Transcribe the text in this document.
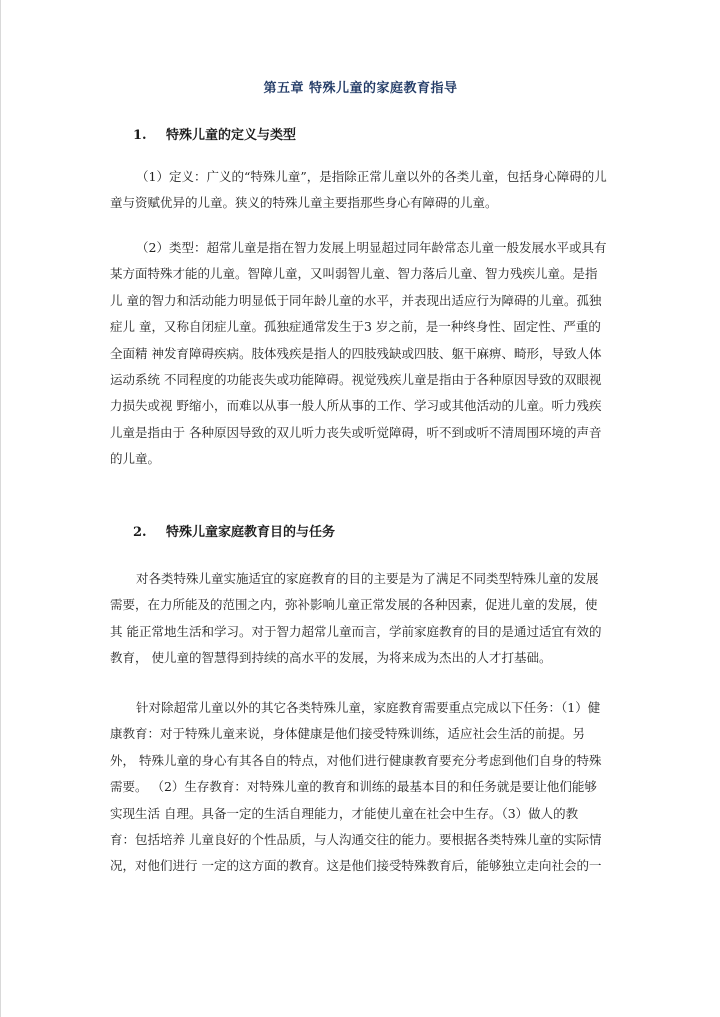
第五章 特殊儿童的家庭教育指导
1. 特殊儿童的定义与类型
（1）定义：广义的“特殊儿童”，是指除正常儿童以外的各类儿童，包括身心障碍的儿
童与资赋优异的儿童。狭义的特殊儿童主要指那些身心有障碍的儿童。
（2）类型：超常儿童是指在智力发展上明显超过同年龄常态儿童一般发展水平或具有
某方面特殊才能的儿童。智障儿童，又叫弱智儿童、智力落后儿童、智力残疾儿童。是指
儿 童的智力和活动能力明显低于同年龄儿童的水平，并表现出适应行为障碍的儿童。孤独
症儿 童，又称自闭症儿童。孤独症通常发生于3 岁之前，是一种终身性、固定性、严重的
全面精 神发育障碍疾病。肢体残疾是指人的四肢残缺或四肢、躯干麻痹、畸形，导致人体
运动系统 不同程度的功能丧失或功能障碍。视觉残疾儿童是指由于各种原因导致的双眼视
力损失或视 野缩小，而难以从事一般人所从事的工作、学习或其他活动的儿童。听力残疾
儿童是指由于 各种原因导致的双儿听力丧失或听觉障碍，听不到或听不清周围环境的声音
的儿童。
2. 特殊儿童家庭教育目的与任务
对各类特殊儿童实施适宜的家庭教育的目的主要是为了满足不同类型特殊儿童的发展
需要，在力所能及的范围之内，弥补影响儿童正常发展的各种因素，促进儿童的发展，使
其 能正常地生活和学习。对于智力超常儿童而言，学前家庭教育的目的是通过适宜有效的
教育， 使儿童的智慧得到持续的高水平的发展，为将来成为杰出的人才打基础。
针对除超常儿童以外的其它各类特殊儿童，家庭教育需要重点完成以下任务：（1）健
康教育：对于特殊儿童来说，身体健康是他们接受特殊训练，适应社会生活的前提。另
外， 特殊儿童的身心有其各自的特点，对他们进行健康教育要充分考虑到他们自身的特殊
需要。 （2）生存教育：对特殊儿童的教育和训练的最基本目的和任务就是要让他们能够
实现生活 自理。具备一定的生活自理能力，才能使儿童在社会中生存。（3）做人的教
育：包括培养 儿童良好的个性品质，与人沟通交往的能力。要根据各类特殊儿童的实际情
况，对他们进行 一定的这方面的教育。这是他们接受特殊教育后，能够独立走向社会的一
